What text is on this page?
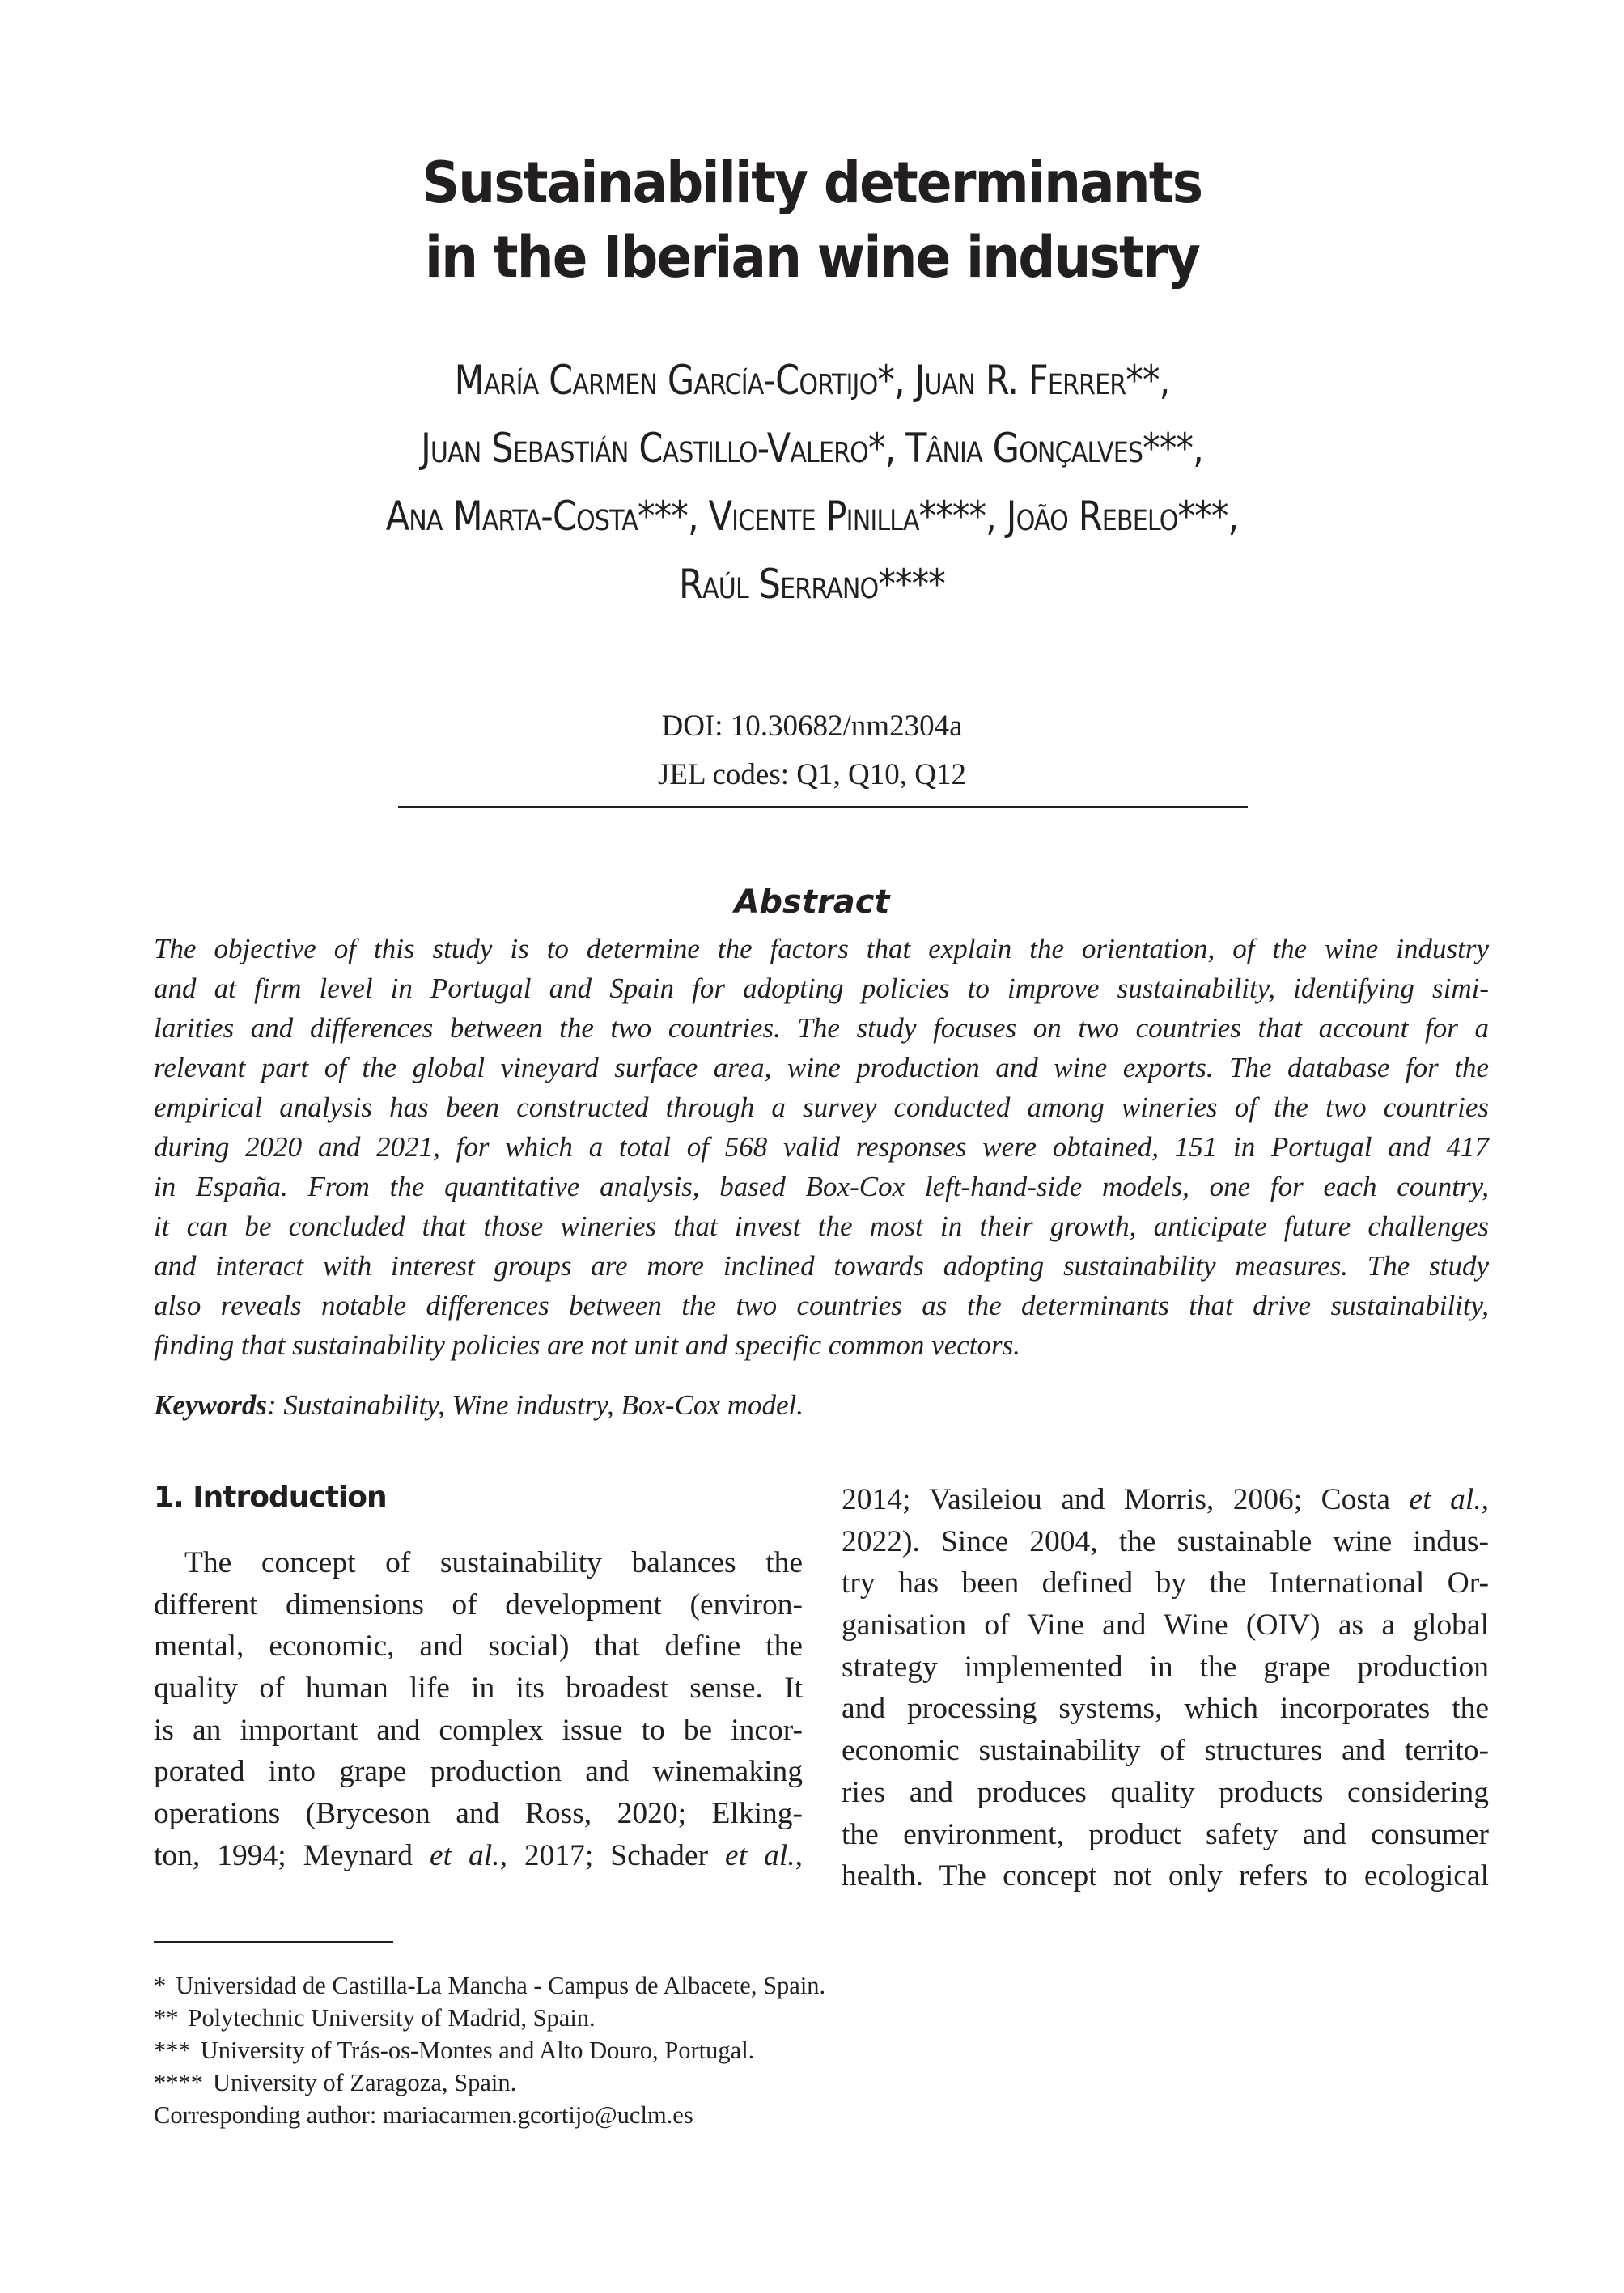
Sustainability determinants
in the Iberian wine industry
María Carmen García-Cortijo*, Juan R. Ferrer**,
Juan Sebastián Castillo-Valero*, Tânia Gonçalves***,
Ana Marta-Costa***, Vicente Pinilla****, João Rebelo***,
Raúl Serrano****
DOI: 10.30682/nm2304a
JEL codes: Q1, Q10, Q12
Abstract
The objective of this study is to determine the factors that explain the orientation, of the wine industry
and at firm level in Portugal and Spain for adopting policies to improve sustainability, identifying simi-
larities and differences between the two countries. The study focuses on two countries that account for a
relevant part of the global vineyard surface area, wine production and wine exports. The database for the
empirical analysis has been constructed through a survey conducted among wineries of the two countries
during 2020 and 2021, for which a total of 568 valid responses were obtained, 151 in Portugal and 417
in España. From the quantitative analysis, based Box-Cox left-hand-side models, one for each country,
it can be concluded that those wineries that invest the most in their growth, anticipate future challenges
and interact with interest groups are more inclined towards adopting sustainability measures. The study
also reveals notable differences between the two countries as the determinants that drive sustainability,
finding that sustainability policies are not unit and specific common vectors.
Keywords: Sustainability, Wine industry, Box-Cox model.
1. Introduction
The concept of sustainability balances the
different dimensions of development (environ-
mental, economic, and social) that define the
quality of human life in its broadest sense. It
is an important and complex issue to be incor-
porated into grape production and winemaking
operations (Bryceson and Ross, 2020; Elking-
ton, 1994; Meynard et al., 2017; Schader et al.,
2014; Vasileiou and Morris, 2006; Costa et al.,
2022). Since 2004, the sustainable wine indus-
try has been defined by the International Or-
ganisation of Vine and Wine (OIV) as a global
strategy implemented in the grape production
and processing systems, which incorporates the
economic sustainability of structures and territo-
ries and produces quality products considering
the environment, product safety and consumer
health. The concept not only refers to ecological
* Universidad de Castilla-La Mancha - Campus de Albacete, Spain.
** Polytechnic University of Madrid, Spain.
*** University of Trás-os-Montes and Alto Douro, Portugal.
**** University of Zaragoza, Spain.
Corresponding author: mariacarmen.gcortijo@uclm.es
